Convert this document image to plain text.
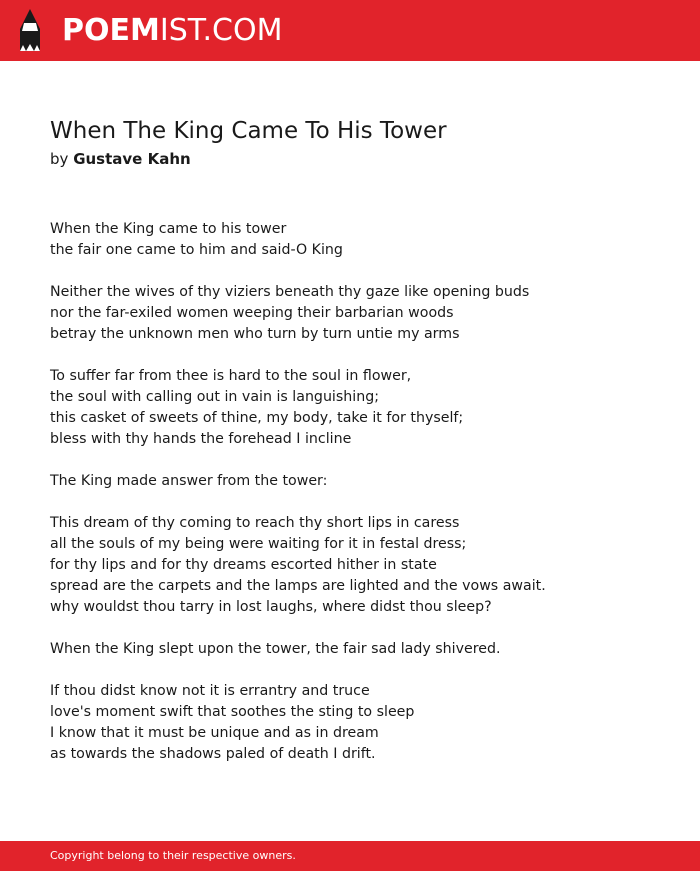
POEMIST.COM
When The King Came To His Tower
by Gustave Kahn
When the King came to his tower
the fair one came to him and said-O King
Neither the wives of thy viziers beneath thy gaze like opening buds
nor the far-exiled women weeping their barbarian woods
betray the unknown men who turn by turn untie my arms
To suffer far from thee is hard to the soul in flower,
the soul with calling out in vain is languishing;
this casket of sweets of thine, my body, take it for thyself;
bless with thy hands the forehead I incline
The King made answer from the tower:
This dream of thy coming to reach thy short lips in caress
all the souls of my being were waiting for it in festal dress;
for thy lips and for thy dreams escorted hither in state
spread are the carpets and the lamps are lighted and the vows await.
why wouldst thou tarry in lost laughs, where didst thou sleep?
When the King slept upon the tower, the fair sad lady shivered.
If thou didst know not it is errantry and truce
love's moment swift that soothes the sting to sleep
I know that it must be unique and as in dream
as towards the shadows paled of death I drift.
Copyright belong to their respective owners.
